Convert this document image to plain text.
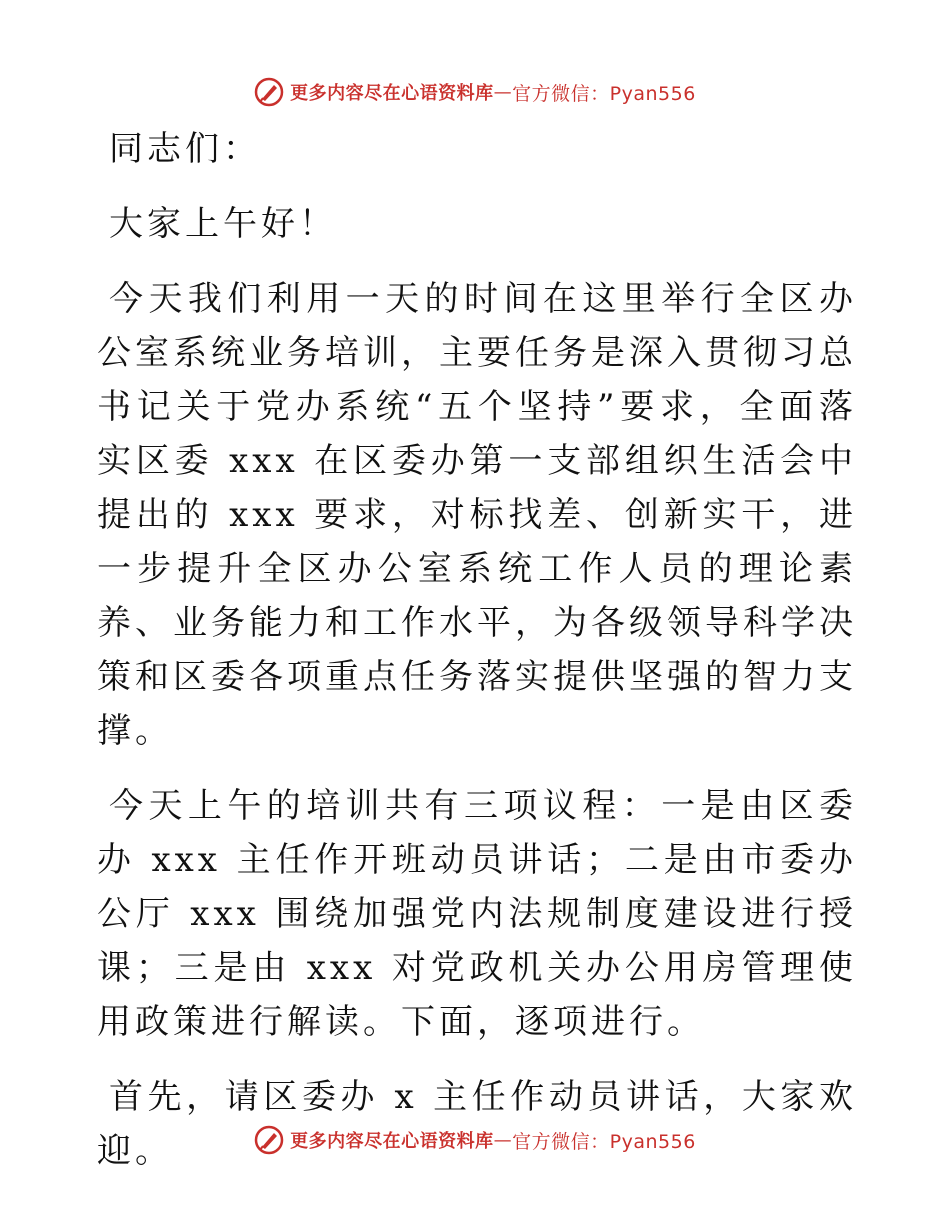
更多内容尽在心语资料库 — 官方微信：Pyan556

同志们：

大家上午好！

今天我们利用一天的时间在这里举行全区办公室系统业务培训，主要任务是深入贯彻习总书记关于党办系统“五个坚持”要求，全面落实区委 xxx 在区委办第一支部组织生活会中提出的 xxx 要求，对标找差、创新实干，进一步提升全区办公室系统工作人员的理论素养、业务能力和工作水平，为各级领导科学决策和区委各项重点任务落实提供坚强的智力支撑。

今天上午的培训共有三项议程：一是由区委办 xxx 主任作开班动员讲话；二是由市委办公厅 xxx 围绕加强党内法规制度建设进行授课；三是由 xxx 对党政机关办公用房管理使用政策进行解读。下面，逐项进行。

首先，请区委办 x 主任作动员讲话，大家欢迎。	更多内容尽在心语资料库 — 官方微信：Pyan556
